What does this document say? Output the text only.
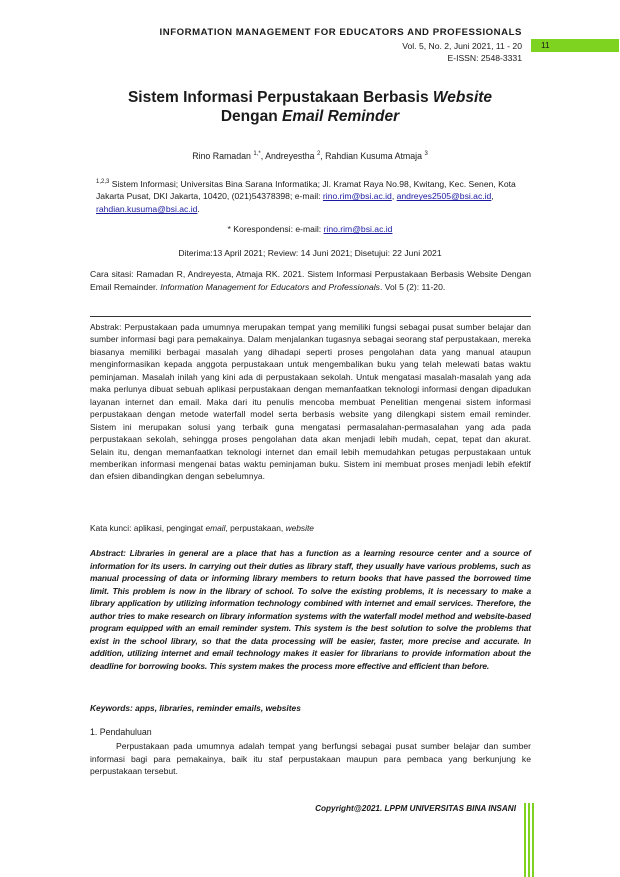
INFORMATION MANAGEMENT FOR EDUCATORS AND PROFESSIONALS
Vol. 5, No. 2, Juni 2021, 11 - 20
E-ISSN: 2548-3331
11
Sistem Informasi Perpustakaan Berbasis Website
Dengan Email Reminder
Rino Ramadan $^{1,*}$, Andreyestha $^2$, Rahdian Kusuma Atmaja $^3$
$^{1,2,3}$ Sistem Informasi; Universitas Bina Sarana Informatika; Jl. Kramat Raya No.98, Kwitang, Kec. Senen, Kota Jakarta Pusat, DKI Jakarta, 10420, (021)54378398; e-mail: rino.rim@bsi.ac.id, andreyes2505@bsi.ac.id, rahdian.kusuma@bsi.ac.id.
* Korespondensi: e-mail: rino.rim@bsi.ac.id
Diterima:13 April 2021; Review: 14 Juni 2021; Disetujui: 22 Juni 2021
Cara sitasi: Ramadan R, Andreyesta, Atmaja RK. 2021. Sistem Informasi Perpustakaan Berbasis Website Dengan Email Remainder. Information Management for Educators and Professionals. Vol 5 (2): 11-20.
Abstrak: Perpustakaan pada umumnya merupakan tempat yang memiliki fungsi sebagai pusat sumber belajar dan sumber informasi bagi para pemakainya. Dalam menjalankan tugasnya sebagai seorang staf perpustakaan, mereka biasanya memiliki berbagai masalah yang dihadapi seperti proses pengolahan data yang manual ataupun menginformasikan kepada anggota perpustakaan untuk mengembalikan buku yang telah melewati batas waktu peminjaman. Masalah inilah yang kini ada di perpustakaan sekolah. Untuk mengatasi masalah-masalah yang ada maka perlunya dibuat sebuah aplikasi perpustakaan dengan memanfaatkan teknologi informasi dengan dipadukan layanan internet dan email. Maka dari itu penulis mencoba membuat Penelitian mengenai sistem informasi perpustakaan dengan metode waterfall model serta berbasis website yang dilengkapi sistem email reminder. Sistem ini merupakan solusi yang terbaik guna mengatasi permasalahan-permasalahan yang ada pada perpustakaan sekolah, sehingga proses pengolahan data akan menjadi lebih mudah, cepat, tepat dan akurat. Selain itu, dengan memanfaatkan teknologi internet dan email lebih memudahkan petugas perpustakaan untuk memberikan informasi mengenai batas waktu peminjaman buku. Sistem ini membuat proses menjadi lebih efektif dan efsien dibandingkan dengan sebelumnya.
Kata kunci: aplikasi, pengingat email, perpustakaan, website
Abstract: Libraries in general are a place that has a function as a learning resource center and a source of information for its users. In carrying out their duties as library staff, they usually have various problems, such as manual processing of data or informing library members to return books that have passed the borrowed time limit. This problem is now in the library of school. To solve the existing problems, it is necessary to make a library application by utilizing information technology combined with internet and email services. Therefore, the author tries to make research on library information systems with the waterfall model method and website-based program equipped with an email reminder system. This system is the best solution to solve the problems that exist in the school library, so that the data processing will be easier, faster, more precise and accurate. In addition, utilizing internet and email technology makes it easier for librarians to provide information about the deadline for borrowing books. This system makes the process more effective and efficient than before.
Keywords: apps, libraries, reminder emails, websites
1. Pendahuluan
Perpustakaan pada umumnya adalah tempat yang berfungsi sebagai pusat sumber belajar dan sumber informasi bagi para pemakainya, baik itu staf perpustakaan maupun para pembaca yang berkunjung ke perpustakaan tersebut.
Copyright@2021. LPPM UNIVERSITAS BINA INSANI
